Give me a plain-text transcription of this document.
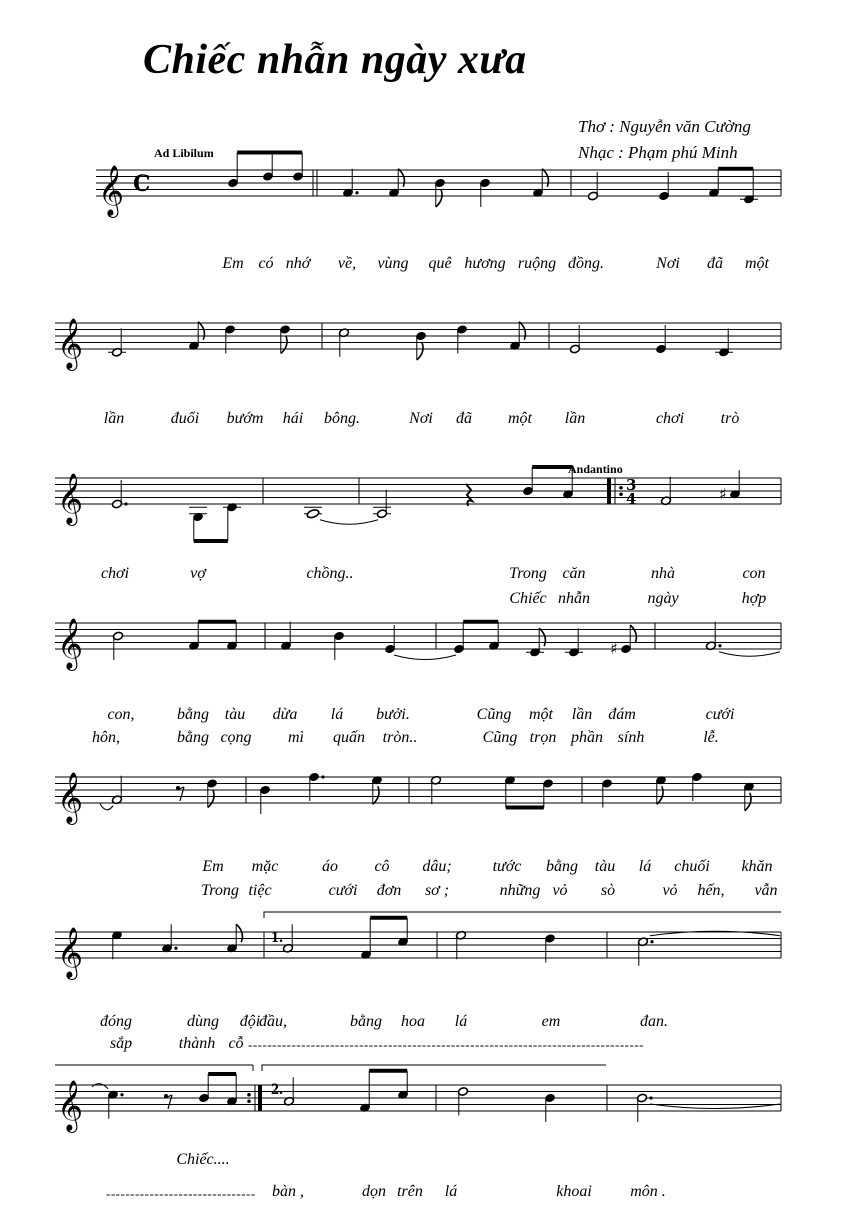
Chiếc nhẫn ngày xưa
Thơ : Nguyễn văn Cường
Nhạc : Phạm phú Minh
Ad Libilum
Andantino
1.
2.
Em có nhớ về, vùng quê hương ruộng đồng.	Nơi đã một
lần	đuổi bướm hái bông.	Nơi đã một lần	chơi trò
chơi	vợ	chồng..	Trong căn	nhà	con
Chiếc nhẫn	ngày	hợp
con,	bằng tàu dừa lá bưởi.	Cũng một lần đám	cưới
hôn,	bằng cọng mì quấn tròn..	Cũng trọn phần sính	lễ.
Em mặc	áo cô dâu;	tước bằng tàu lá chuối khăn
Trong tiệc	cưới đơn sơ ;	những vỏ sò	vỏ hến, vẫn
đóng	dùng đội
đầu,	bằng hoa lá	em	đan.
sắp	thành cỗ ----------------------------------------------------------------------------------
Chiếc....
------------------------------- bàn ,	dọn trên lá	khoai môn .
𝄞
𝄞
𝄞
𝄞
𝄞
𝄞
𝄞
C
3
4	♯
♯
